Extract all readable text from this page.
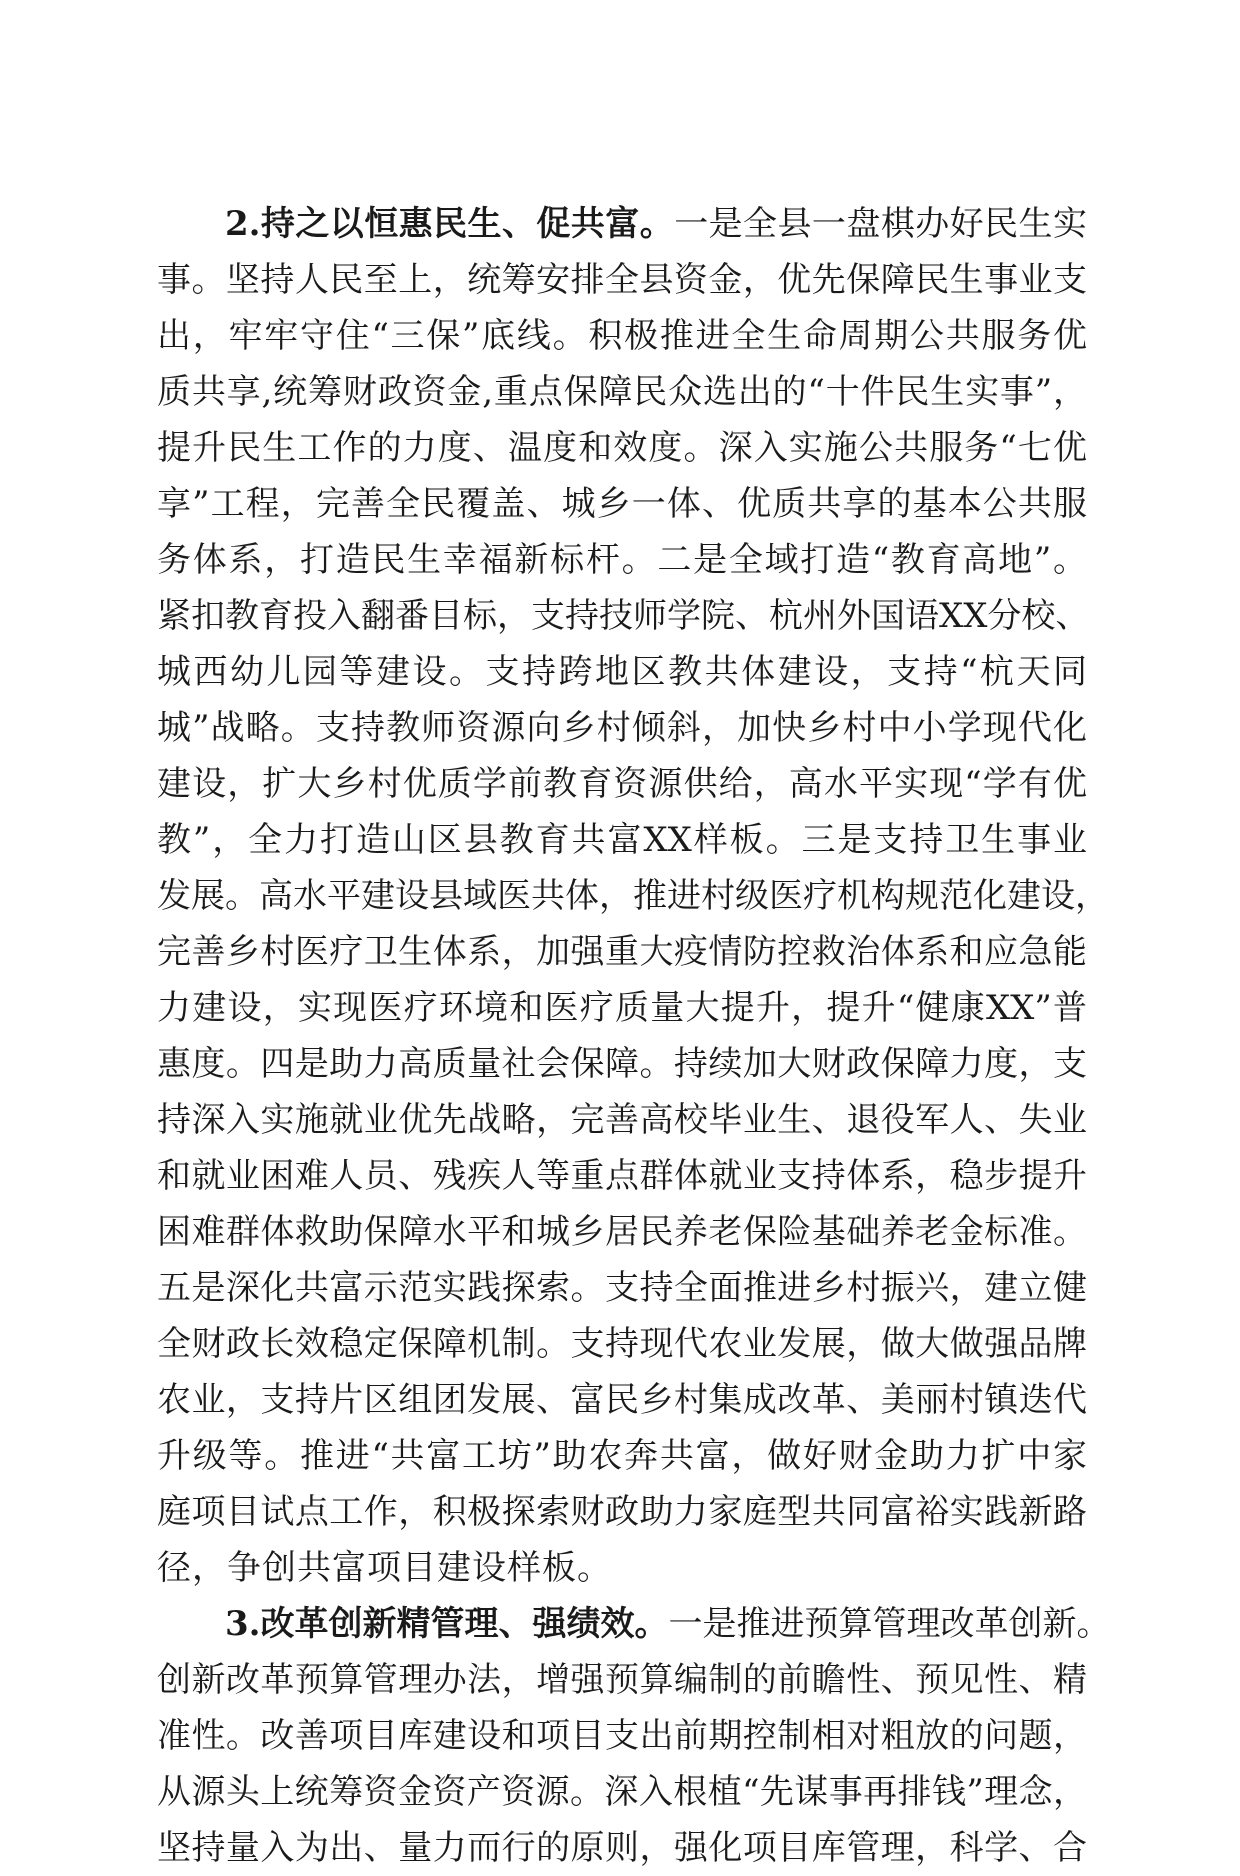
2.持之以恒惠民生、促共富。一是全县一盘棋办好民生实
事。坚持人民至上，统筹安排全县资金，优先保障民生事业支
出，牢牢守住“三保”底线。积极推进全生命周期公共服务优
质共享,统筹财政资金,重点保障民众选出的“十件民生实事”，
提升民生工作的力度、温度和效度。深入实施公共服务“七优
享”工程，完善全民覆盖、城乡一体、优质共享的基本公共服
务体系，打造民生幸福新标杆。二是全域打造“教育高地”。
紧扣教育投入翻番目标，支持技师学院、杭州外国语XX分校、
城西幼儿园等建设。支持跨地区教共体建设，支持“杭天同
城”战略。支持教师资源向乡村倾斜，加快乡村中小学现代化
建设，扩大乡村优质学前教育资源供给，高水平实现“学有优
教”，全力打造山区县教育共富XX样板。三是支持卫生事业
发展。高水平建设县域医共体，推进村级医疗机构规范化建设，
完善乡村医疗卫生体系，加强重大疫情防控救治体系和应急能
力建设，实现医疗环境和医疗质量大提升，提升“健康XX”普
惠度。四是助力高质量社会保障。持续加大财政保障力度，支
持深入实施就业优先战略，完善高校毕业生、退役军人、失业
和就业困难人员、残疾人等重点群体就业支持体系，稳步提升
困难群体救助保障水平和城乡居民养老保险基础养老金标准。
五是深化共富示范实践探索。支持全面推进乡村振兴，建立健
全财政长效稳定保障机制。支持现代农业发展，做大做强品牌
农业，支持片区组团发展、富民乡村集成改革、美丽村镇迭代
升级等。推进“共富工坊”助农奔共富，做好财金助力扩中家
庭项目试点工作，积极探索财政助力家庭型共同富裕实践新路
径，争创共富项目建设样板。
3.改革创新精管理、强绩效。一是推进预算管理改革创新。
创新改革预算管理办法，增强预算编制的前瞻性、预见性、精
准性。改善项目库建设和项目支出前期控制相对粗放的问题，
从源头上统筹资金资产资源。深入根植“先谋事再排钱”理念，
坚持量入为出、量力而行的原则，强化项目库管理，科学、合
